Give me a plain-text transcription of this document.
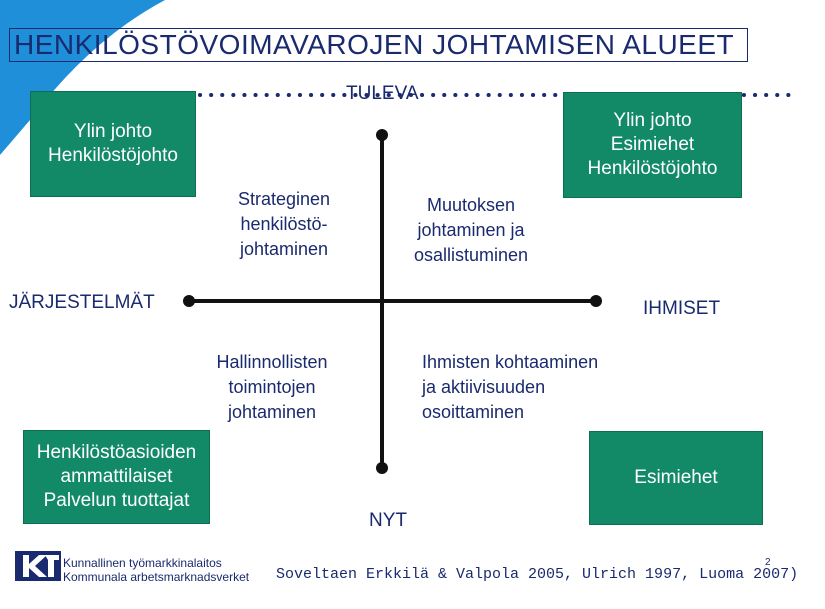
HENKILÖSTÖVOIMAVAROJEN JOHTAMISEN ALUEET
TULEVA
NYT
JÄRJESTELMÄT	IHMISET
Ylin johto
Henkilöstöjohto
Ylin johto
Esimiehet
Henkilöstöjohto
Henkilöstöasioiden
ammattilaiset
Palvelun tuottajat
Esimiehet
Strateginen
henkilöstö-
johtaminen
Muutoksen
johtaminen ja
osallistuminen
Hallinnollisten
toimintojen
johtaminen
Ihmisten kohtaaminen
ja aktiivisuuden
osoittaminen
Kunnallinen työmarkkinalaitos
Kommunala arbetsmarknadsverket Soveltaen Erkkilä & Valpola 2005, Ulrich 1997, Luoma 2007)
2
